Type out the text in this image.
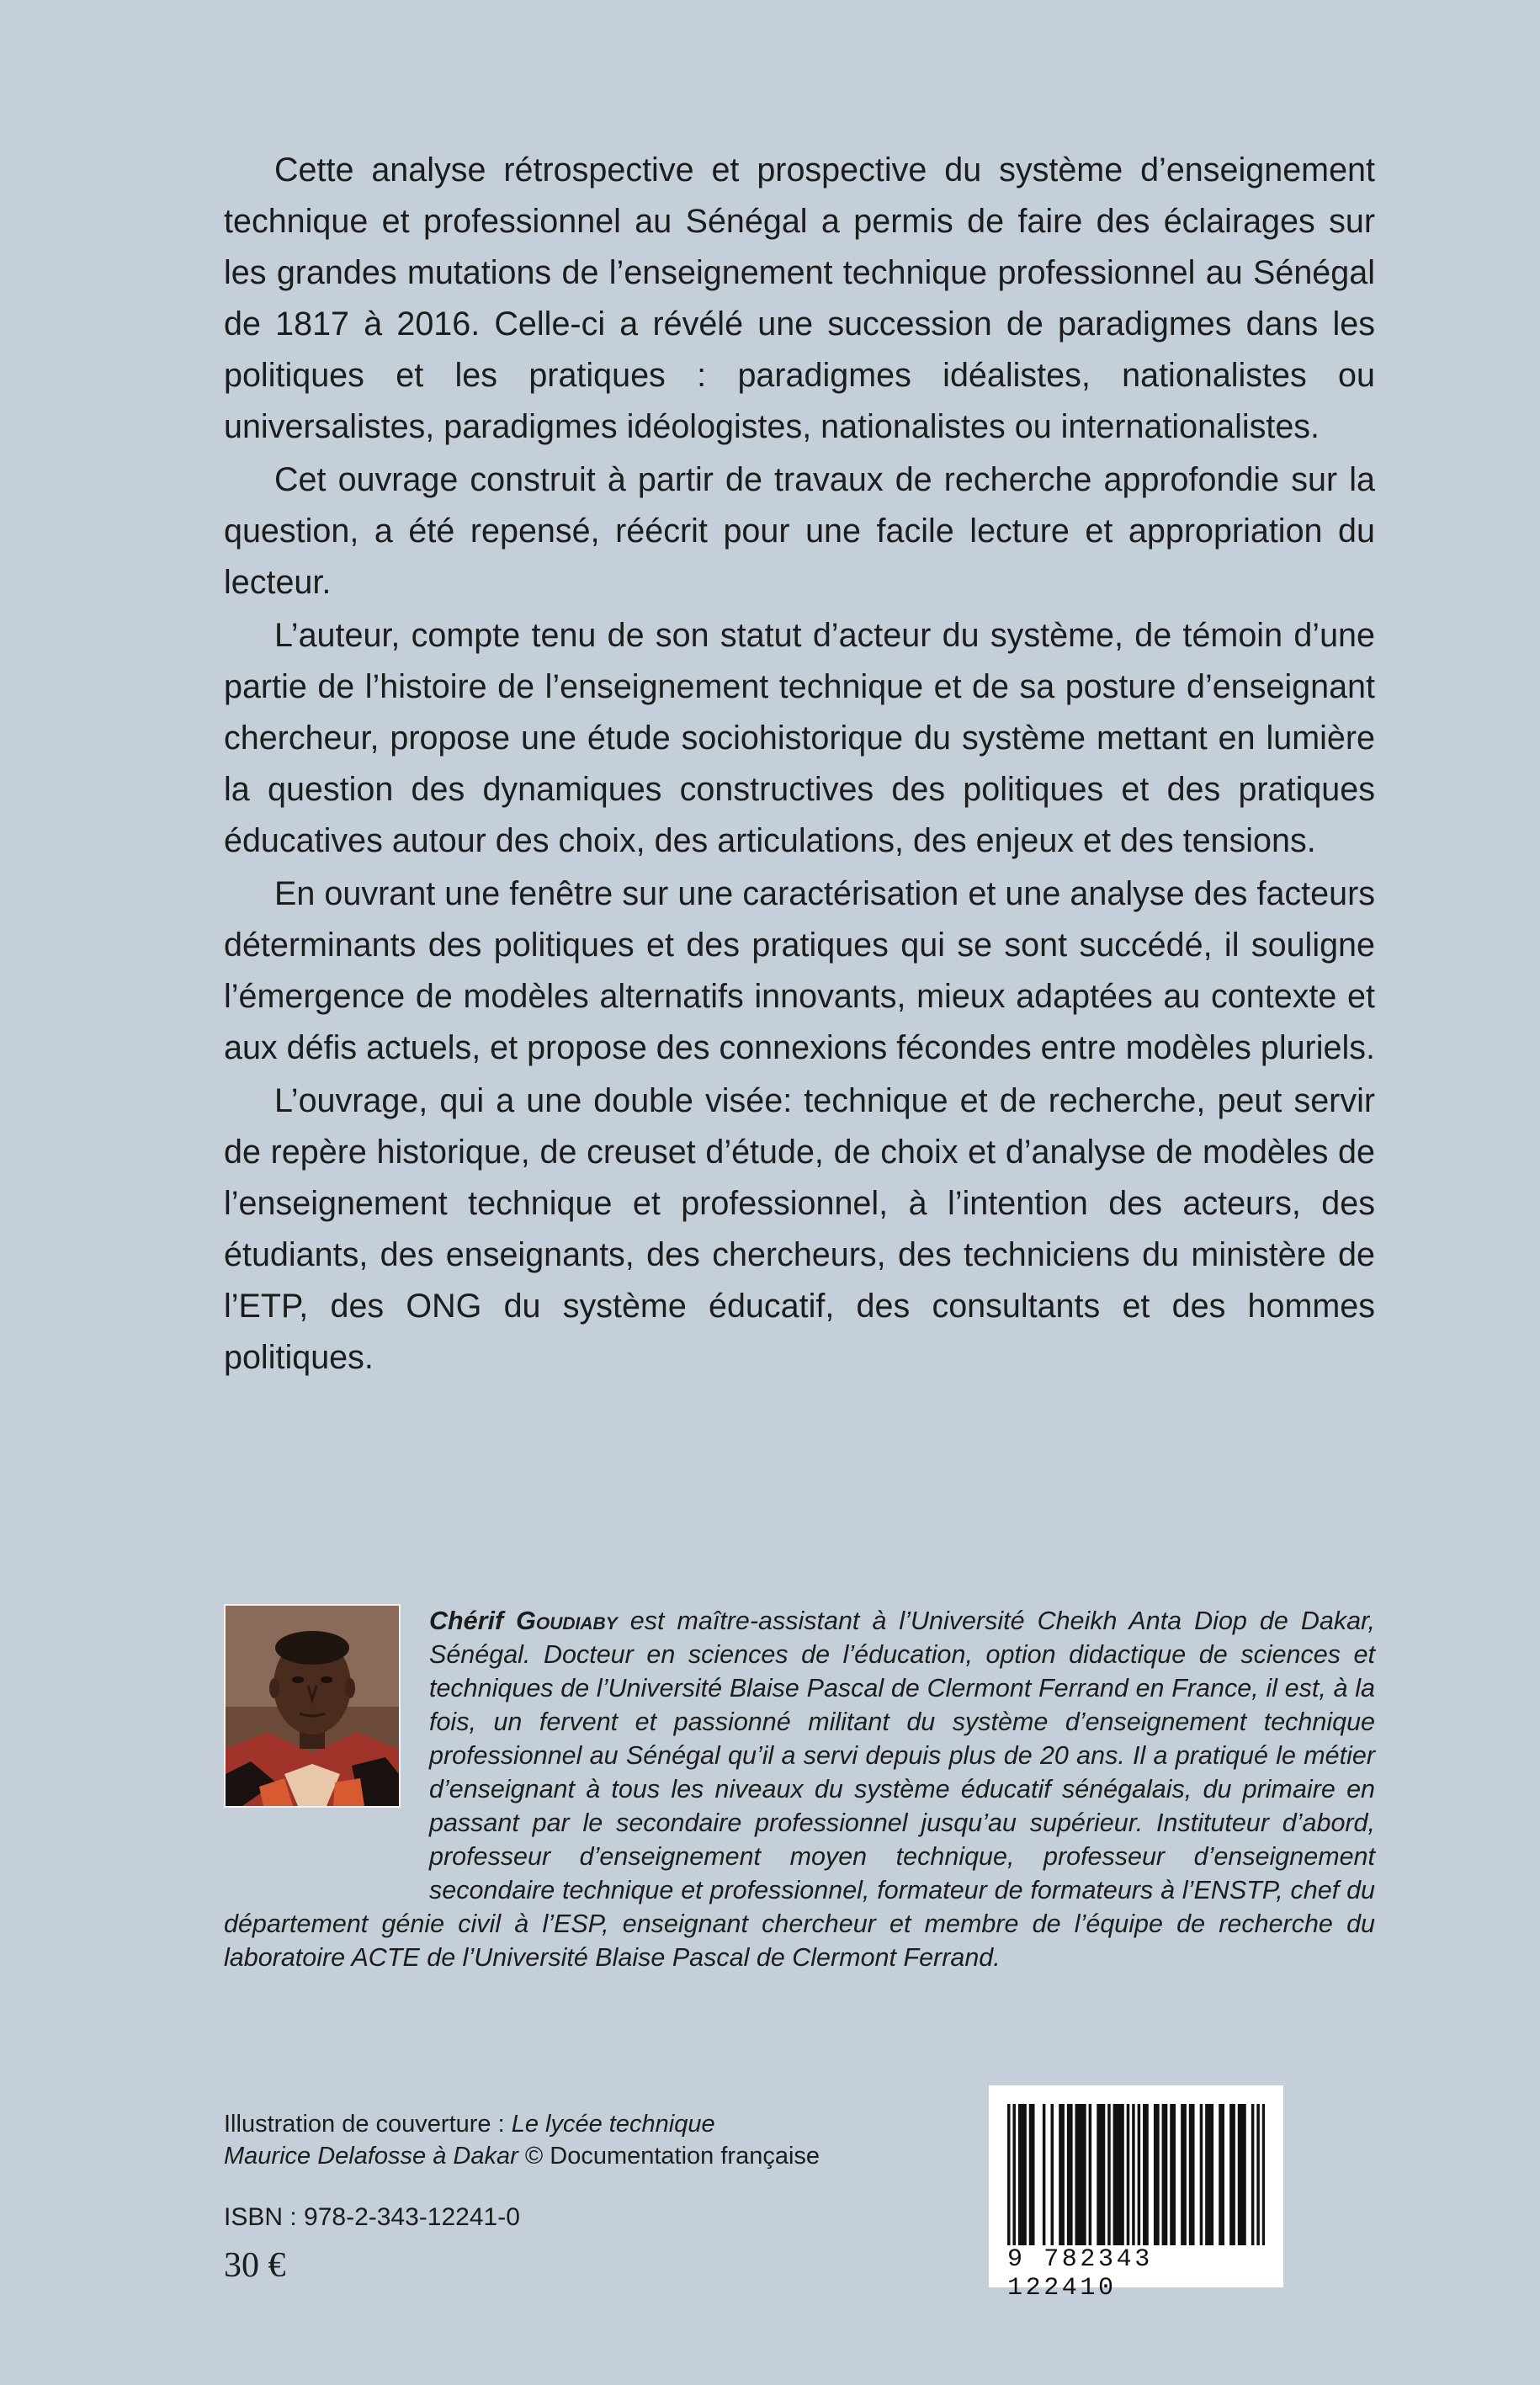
Cette analyse rétrospective et prospective du système d’enseignement technique et professionnel au Sénégal a permis de faire des éclairages sur les grandes mutations de l’enseignement technique professionnel au Sénégal de 1817 à 2016. Celle-ci a révélé une succession de paradigmes dans les politiques et les pratiques : paradigmes idéalistes, nationalistes ou universalistes, paradigmes idéologistes, nationalistes ou internationalistes.

Cet ouvrage construit à partir de travaux de recherche approfondie sur la question, a été repensé, réécrit pour une facile lecture et appropriation du lecteur.

L’auteur, compte tenu de son statut d’acteur du système, de témoin d’une partie de l’histoire de l’enseignement technique et de sa posture d’enseignant chercheur, propose une étude sociohistorique du système mettant en lumière la question des dynamiques constructives des politiques et des pratiques éducatives autour des choix, des articulations, des enjeux et des tensions.

En ouvrant une fenêtre sur une caractérisation et une analyse des facteurs déterminants des politiques et des pratiques qui se sont succédé, il souligne l’émergence de modèles alternatifs innovants, mieux adaptées au contexte et aux défis actuels, et propose des connexions fécondes entre modèles pluriels.

L’ouvrage, qui a une double visée: technique et de recherche, peut servir de repère historique, de creuset d’étude, de choix et d’analyse de modèles de l’enseignement technique et professionnel, à l’intention des acteurs, des étudiants, des enseignants, des chercheurs, des techniciens du ministère de l’ETP, des ONG du système éducatif, des consultants et des hommes politiques.

Chérif Goudiaby est maître-assistant à l’Université Cheikh Anta Diop de Dakar, Sénégal. Docteur en sciences de l’éducation, option didactique de sciences et techniques de l’Université Blaise Pascal de Clermont Ferrand en France, il est, à la fois, un fervent et passionné militant du système d’enseignement technique professionnel au Sénégal qu’il a servi depuis plus de 20 ans. Il a pratiqué le métier d’enseignant à tous les niveaux du système éducatif sénégalais, du primaire en passant par le secondaire professionnel jusqu’au supérieur. Instituteur d’abord, professeur d’enseignement moyen technique, professeur d’enseignement secondaire technique et professionnel, formateur de formateurs à l’ENSTP, chef du département génie civil à l’ESP, enseignant chercheur et membre de l’équipe de recherche du laboratoire ACTE de l’Université Blaise Pascal de Clermont Ferrand.
Illustration de couverture : Le lycée technique
Maurice Delafosse à Dakar © Documentation française
ISBN : 978-2-343-12241-0
30 €	9 782343 122410
